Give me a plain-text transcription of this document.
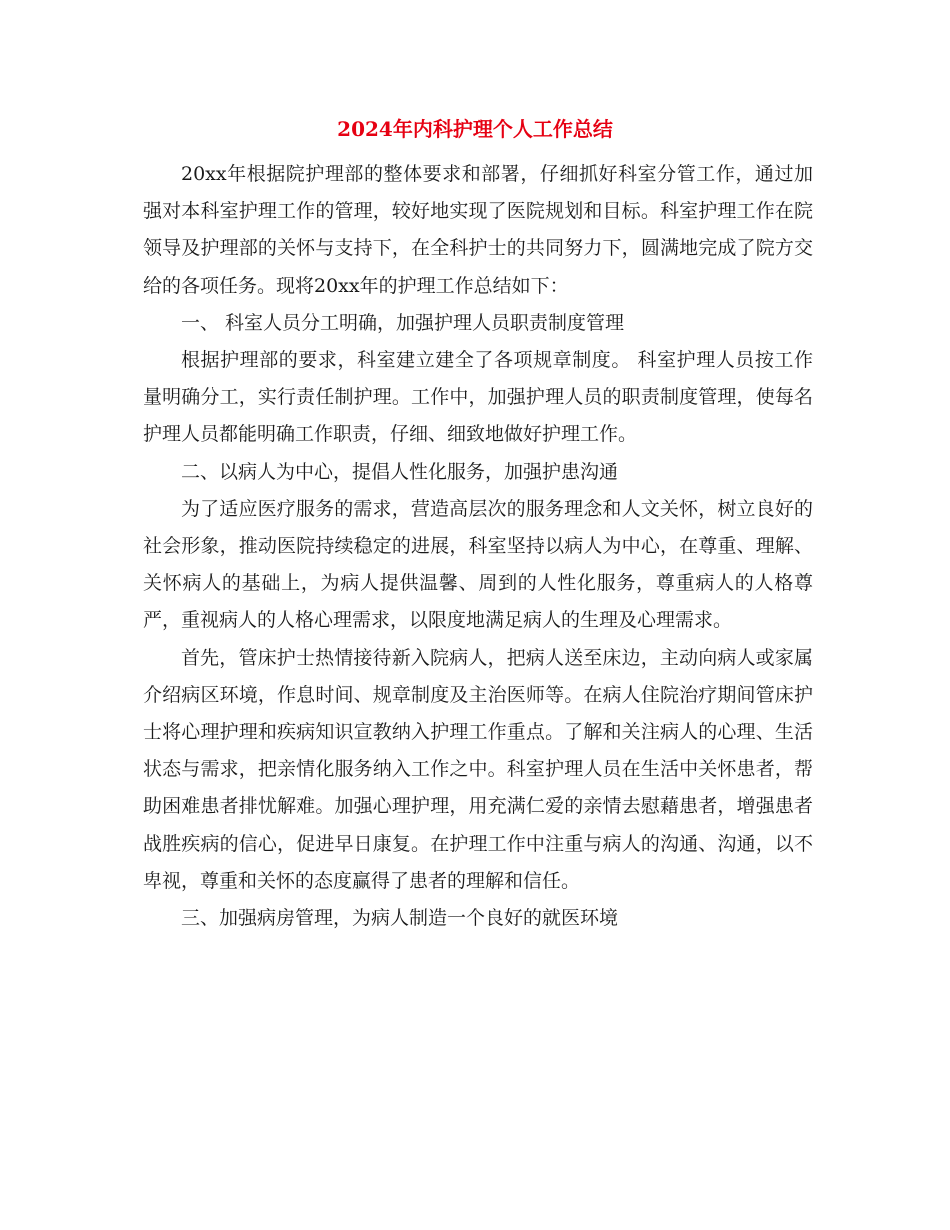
2024年内科护理个人工作总结

20xx年根据院护理部的整体要求和部署，仔细抓好科室分管工作，通过加强对本科室护理工作的管理，较好地实现了医院规划和目标。科室护理工作在院领导及护理部的关怀与支持下，在全科护士的共同努力下，圆满地完成了院方交给的各项任务。现将20xx年的护理工作总结如下：

一、 科室人员分工明确，加强护理人员职责制度管理

根据护理部的要求，科室建立建全了各项规章制度。 科室护理人员按工作量明确分工，实行责任制护理。工作中，加强护理人员的职责制度管理，使每名护理人员都能明确工作职责，仔细、细致地做好护理工作。

二、以病人为中心，提倡人性化服务，加强护患沟通

为了适应医疗服务的需求，营造高层次的服务理念和人文关怀，树立良好的社会形象，推动医院持续稳定的进展，科室坚持以病人为中心，在尊重、理解、关怀病人的基础上，为病人提供温馨、周到的人性化服务，尊重病人的人格尊严，重视病人的人格心理需求，以限度地满足病人的生理及心理需求。

首先，管床护士热情接待新入院病人，把病人送至床边，主动向病人或家属介绍病区环境，作息时间、规章制度及主治医师等。在病人住院治疗期间管床护士将心理护理和疾病知识宣教纳入护理工作重点。了解和关注病人的心理、生活状态与需求，把亲情化服务纳入工作之中。科室护理人员在生活中关怀患者，帮助困难患者排忧解难。加强心理护理，用充满仁爱的亲情去慰藉患者，增强患者战胜疾病的信心，促进早日康复。在护理工作中注重与病人的沟通、沟通，以不卑视，尊重和关怀的态度赢得了患者的理解和信任。

三、加强病房管理，为病人制造一个良好的就医环境
